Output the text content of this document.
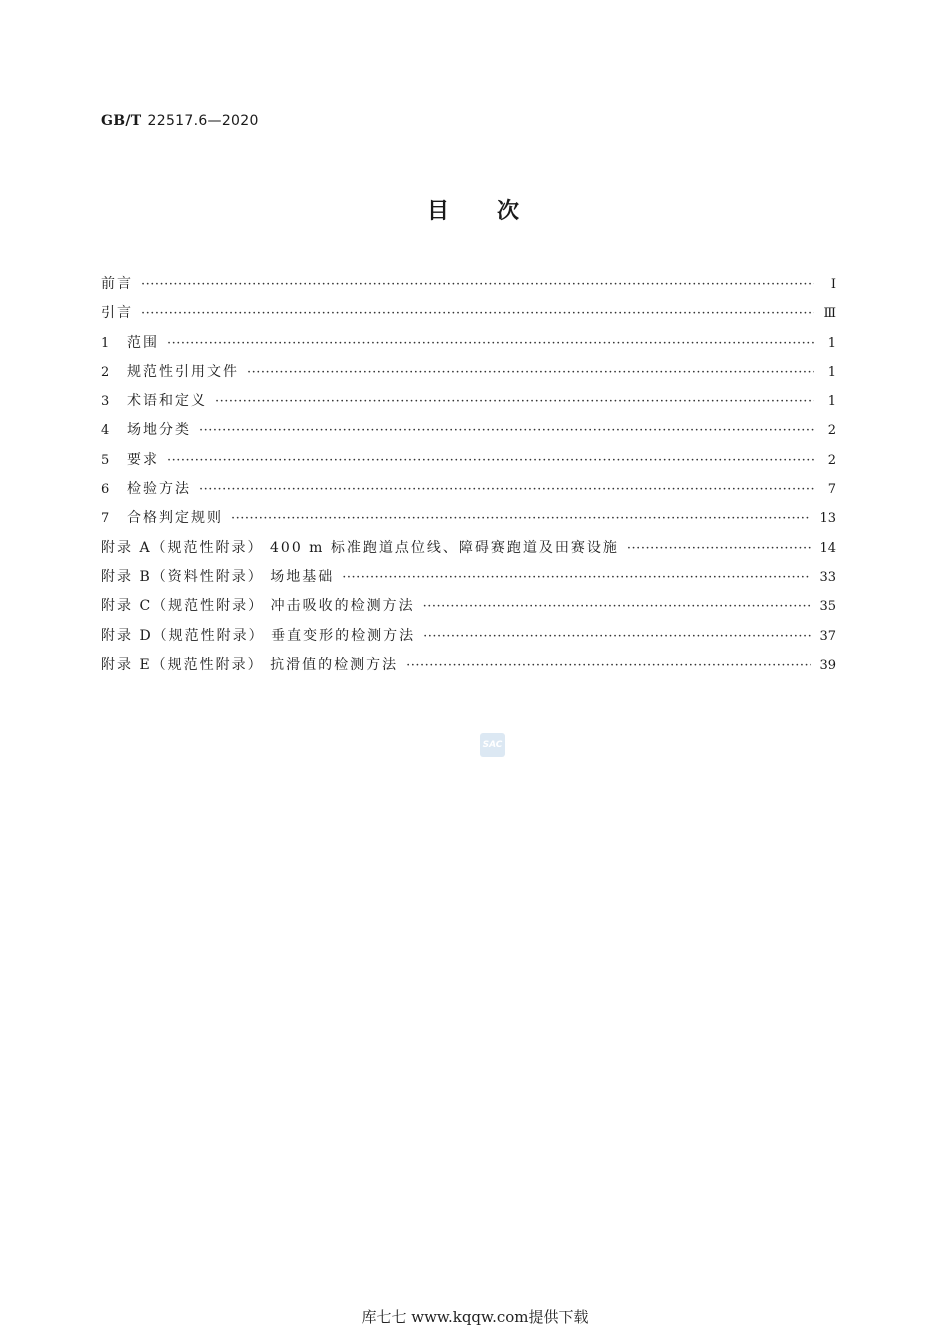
GB/T 22517.6—2020
目次
前言 ·····	Ⅰ
引言 ·····	Ⅲ
1	范围 ·····	1
2	规范性引用文件 ·····	1
3	术语和定义 ·····	1
4	场地分类 ·····	2
5	要求 ·····	2
6	检验方法 ·····	7
7	合格判定规则 ·····	13
附录 A（规范性附录） 400 m 标准跑道点位线、障碍赛跑道及田赛设施 ·····	14
附录 B（资料性附录） 场地基础 ·····	33
附录 C（规范性附录） 冲击吸收的检测方法 ·····	35
附录 D（规范性附录） 垂直变形的检测方法 ·····	37
附录 E（规范性附录） 抗滑值的检测方法 ·····	39
SAC
库七七 www.kqqw.com提供下载
